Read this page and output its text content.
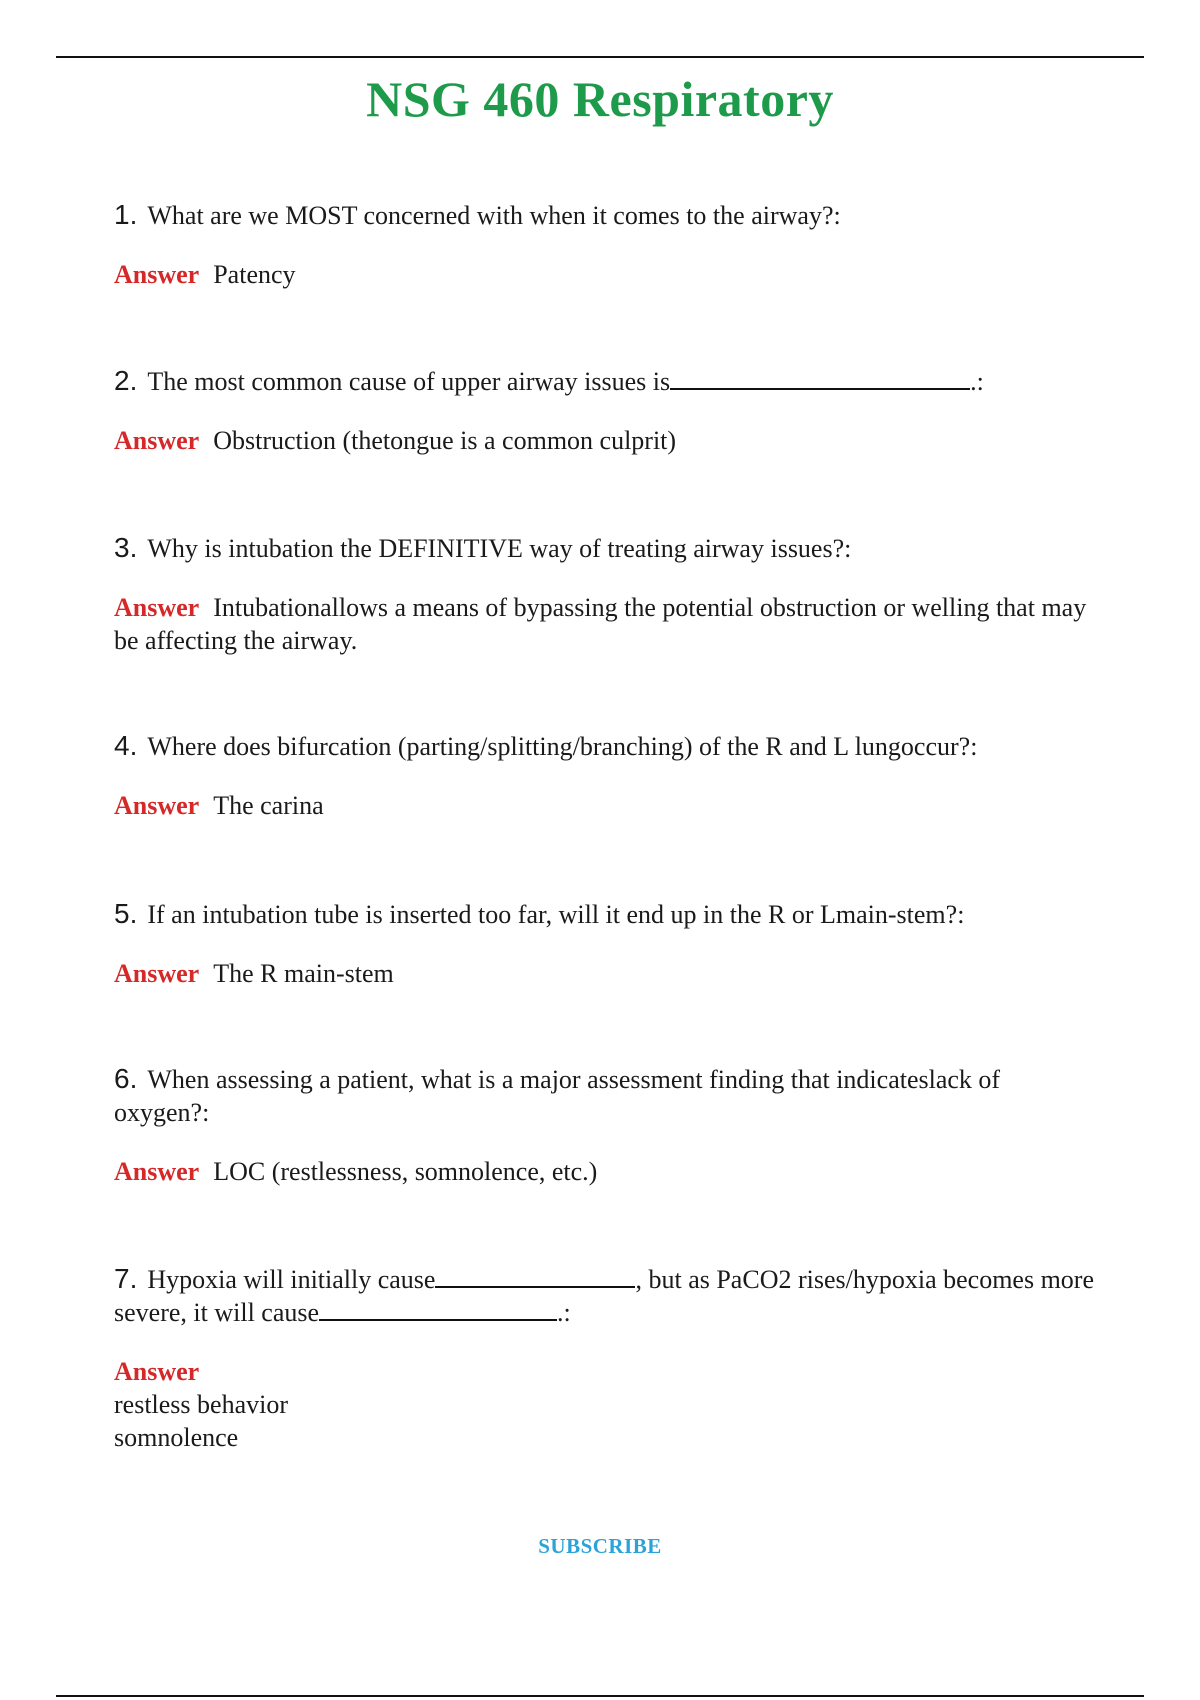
NSG 460 Respiratory

1. What are we MOST concerned with when it comes to the airway?:

Answer Patency

2. The most common cause of upper airway issues is	.:

Answer Obstruction (thetongue is a common culprit)

3. Why is intubation the DEFINITIVE way of treating airway issues?:

Answer Intubationallows a means of bypassing the potential obstruction or welling that may be affecting the airway.

4. Where does bifurcation (parting/splitting/branching) of the R and L lungoccur?:

Answer The carina

5. If an intubation tube is inserted too far, will it end up in the R or Lmain-stem?:

Answer The R main-stem

6. When assessing a patient, what is a major assessment finding that indicateslack of oxygen?:

Answer LOC (restlessness, somnolence, etc.)

7. Hypoxia will initially cause	, but as PaCO2 rises/hypoxia becomes more severe, it will cause	.:

Answer
restless behavior
somnolence

SUBSCRIBE
